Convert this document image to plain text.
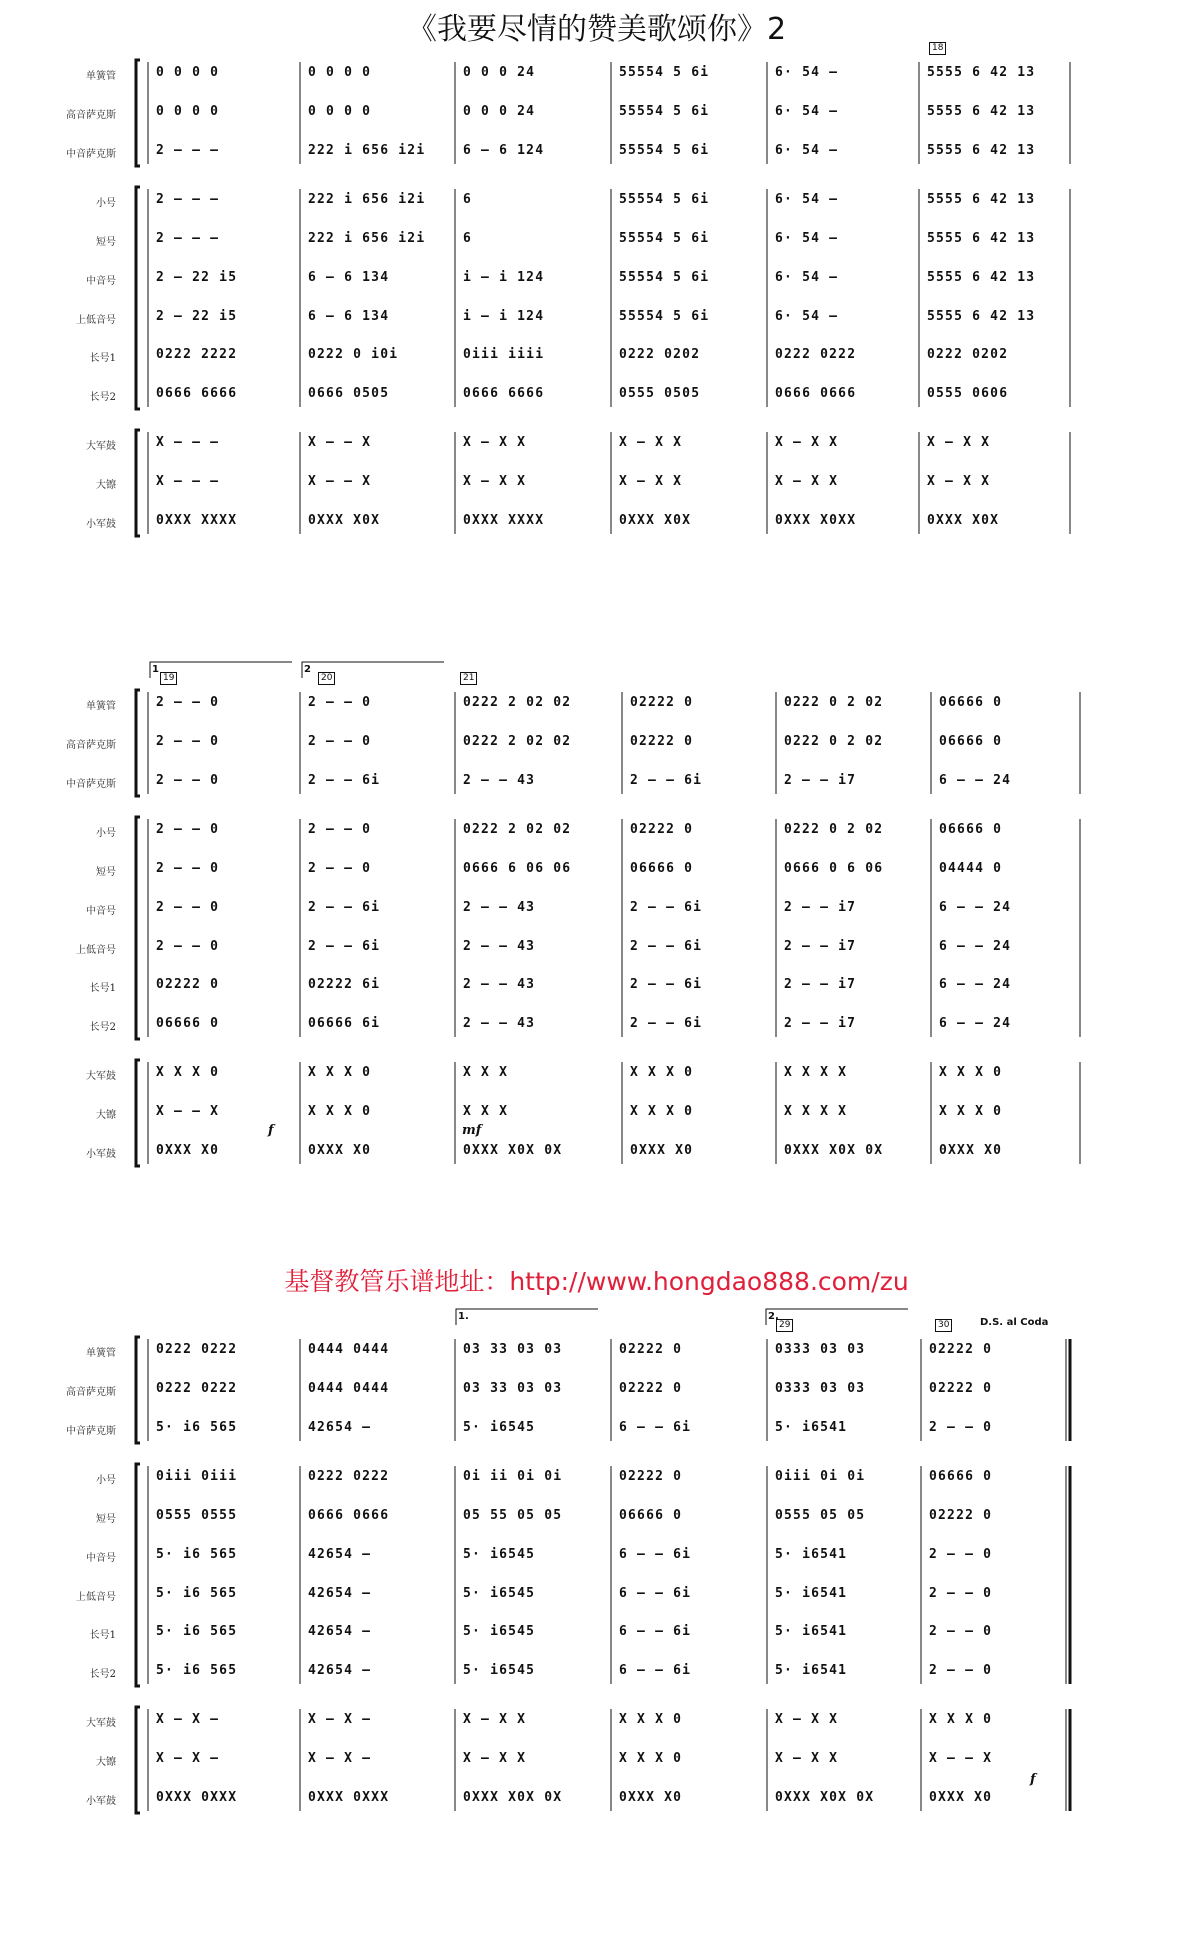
《我要尽情的赞美歌颂你》2
单簧管	0 0 0 0	0 0 0 0	0 0 0 24	55554 5 6i	6· 54 –	5555 6 42 13
高音萨克斯	0 0 0 0	0 0 0 0	0 0 0 24	55554 5 6i	6· 54 –	5555 6 42 13
中音萨克斯	2 – – –	222 i 656 i2i	6 – 6 124	55554 5 6i	6· 54 –	5555 6 42 13
小号	2 – – –	222 i 656 i2i	6	55554 5 6i	6· 54 –	5555 6 42 13
短号	2 – – –	222 i 656 i2i	6	55554 5 6i	6· 54 –	5555 6 42 13
中音号	2 – 22 i5	6 – 6 134	i – i 124	55554 5 6i	6· 54 –	5555 6 42 13
上低音号	2 – 22 i5	6 – 6 134	i – i 124	55554 5 6i	6· 54 –	5555 6 42 13
长号1	0222 2222	0222 0 i0i	0iii iiii	0222 0202	0222 0222	0222 0202
长号2	0666 6666	0666 0505	0666 6666	0555 0505	0666 0666	0555 0606
大军鼓	X — – –	X — – X	X — X X	X — X X	X — X X	X — X X
大镲	X̃ — – –	X̃ — – X̃	X̃ — X X	X̃ — X X	X̃ — X X	X̃ — X X
小军鼓	0XXX XXXX	0XXX X0X	0XXX XXXX	0XXX X0X	0XXX X0XX	0XXX X0X
18
单簧管	2 – – 0	2 – – 0	0222 2 02 02	02222 0	0222 0 2 02	06666 0
高音萨克斯	2 – – 0	2 – – 0	0222 2 02 02	02222 0	0222 0 2 02	06666 0
中音萨克斯	2 – – 0	2 – – 6i	2 – – 43	2 – – 6i	2 – – i7	6 – – 24
小号	2 – – 0	2 – – 0	0222 2 02 02	02222 0	0222 0 2 02	06666 0
短号	2 – – 0	2 – – 0	0666 6 06 06	06666 0	0666 0 6 06	04444 0
中音号	2 – – 0	2 – – 6i	2 – – 43	2 – – 6i	2 – – i7	6 – – 24
上低音号	2 – – 0	2 – – 6i	2 – – 43	2 – – 6i	2 – – i7	6 – – 24
长号1	02222 0	02222 6i	2 – – 43	2 – – 6i	2 – – i7	6 – – 24
长号2	06666 0	06666 6i	2 – – 43	2 – – 6i	2 – – i7	6 – – 24
大军鼓	X X X 0	X X X 0	X X X	X X X 0	X X X X	X X X 0
大镲	X̃ — – X̃	X X X 0	X̃ X X	X X X 0	X X X X	X X X 0
小军鼓	0XXX X0	0XXX X0	0XXX X0X 0X	0XXX X0	0XXX X0X 0X	0XXX X0
19	20	21
1	2
f	mf
基督教管乐谱地址：http://www.hongdao888.com/zu
单簧管	0222 0222	0444 0444	03 33 03 03	02222 0	0333 03 03	02222 0
高音萨克斯	0222 0222	0444 0444	03 33 03 03	02222 0	0333 03 03	02222 0
中音萨克斯	5· i6 565	42654 –	5· i6545	6 – – 6i	5· i6541	2 – – 0
小号	0iii 0iii	0222 0222	0i ii 0i 0i	02222 0	0iii 0i 0i	06666 0
短号	0555 0555	0666 0666	05 55 05 05	06666 0	0555 05 05	02222 0
中音号	5· i6 565	42654 –	5· i6545	6 – – 6i	5· i6541	2 – – 0
上低音号	5· i6 565	42654 –	5· i6545	6 – – 6i	5· i6541	2 – – 0
长号1	5· i6 565	42654 –	5· i6545	6 – – 6i	5· i6541	2 – – 0
长号2	5· i6 565	42654 –	5· i6545	6 – – 6i	5· i6541	2 – – 0
大军鼓	X – X –	X – X –	X — X X	X X X 0	X — X X	X X X 0
大镲	X – X –	X – X –	X — X X	X X X 0	X — X X	X — – X̃
小军鼓	0XXX 0XXX	0XXX 0XXX	0XXX X0X 0X	0XXX X0	0XXX X0X 0X	0XXX X0
29	30
1.	2.
D.S. al Coda
f
